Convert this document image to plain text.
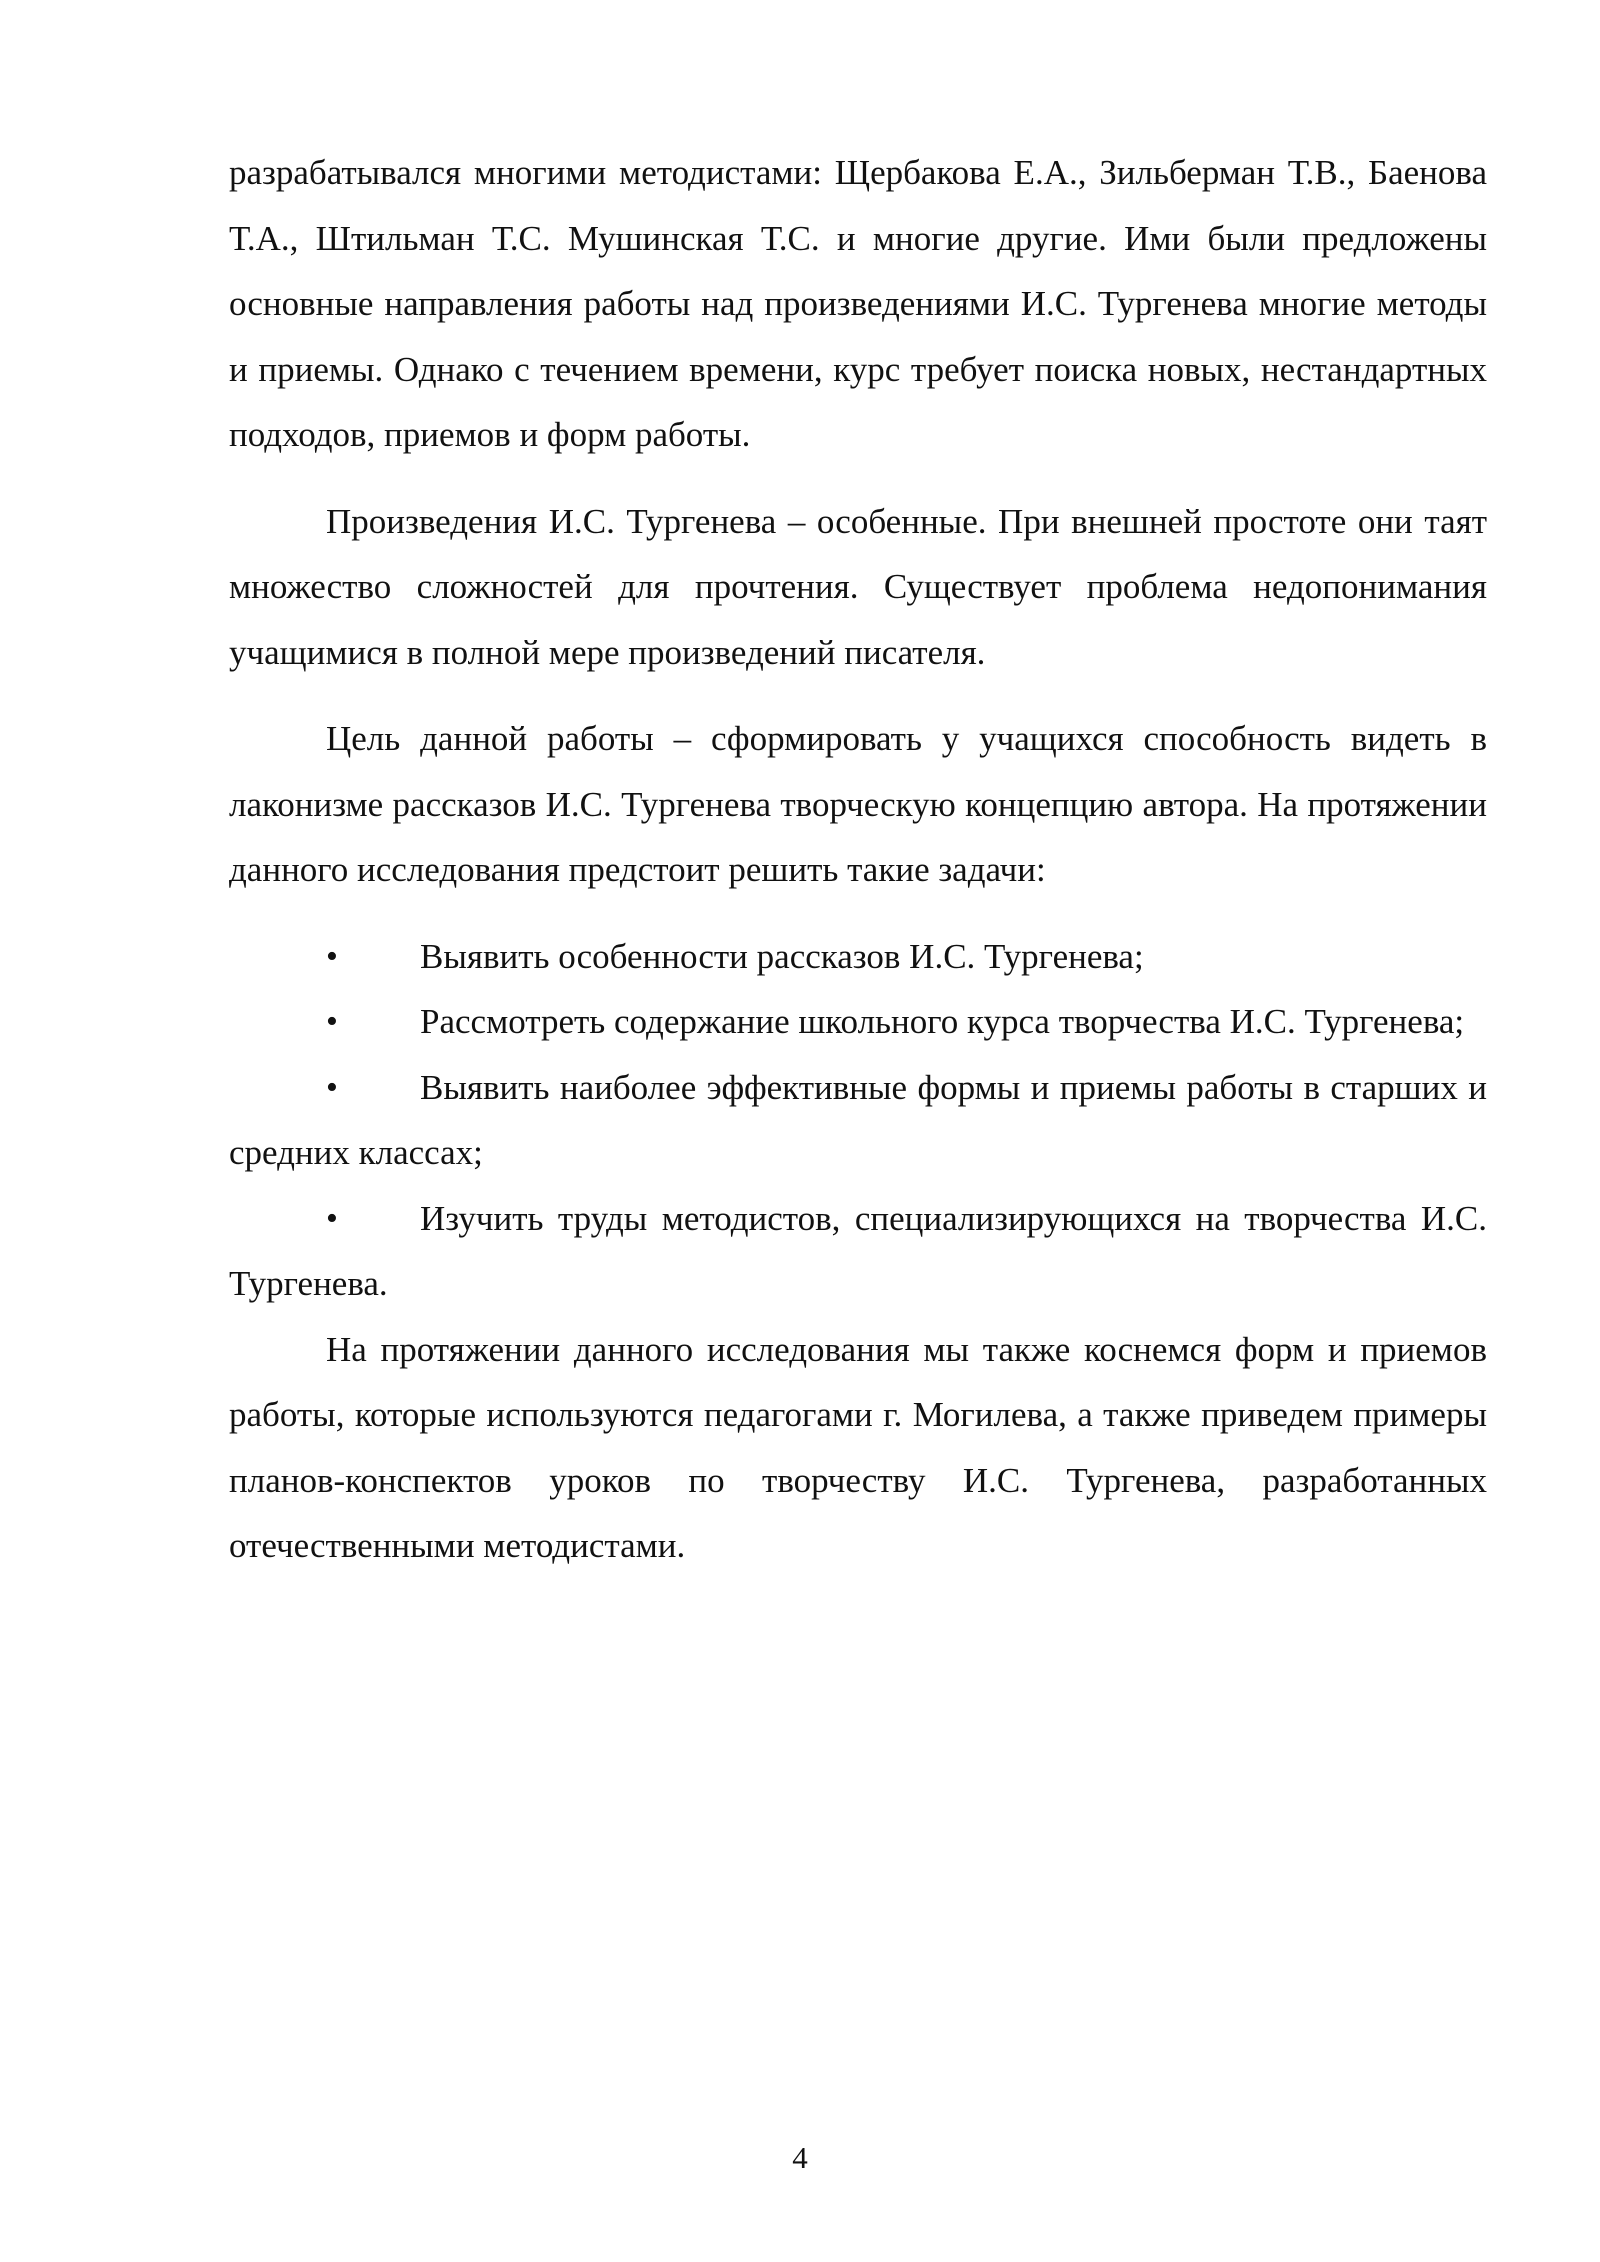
разрабатывался многими методистами: Щербакова Е.А., Зильберман Т.В., Баенова Т.А., Штильман Т.С. Мушинская Т.С. и многие другие. Ими были предложены основные направления работы над произведениями И.С. Тургенева многие методы и приемы. Однако с течением времени, курс требует поиска новых, нестандартных подходов, приемов и форм работы.

Произведения И.С. Тургенева – особенные. При внешней простоте они таят множество сложностей для прочтения. Существует проблема недопонимания учащимися в полной мере произведений писателя.

Цель данной работы – сформировать у учащихся способность видеть в лаконизме рассказов И.С. Тургенева творческую концепцию автора. На протяжении данного исследования предстоит решить такие задачи:

• Выявить особенности рассказов И.С. Тургенева;
• Рассмотреть содержание школьного курса творчества И.С. Тургенева;
• Выявить наиболее эффективные формы и приемы работы в старших и средних классах;
• Изучить труды методистов, специализирующихся на творчества И.С. Тургенева.

На протяжении данного исследования мы также коснемся форм и приемов работы, которые используются педагогами г. Могилева, а также приведем примеры планов-конспектов уроков по творчеству И.С. Тургенева, разработанных отечественными методистами.

4
